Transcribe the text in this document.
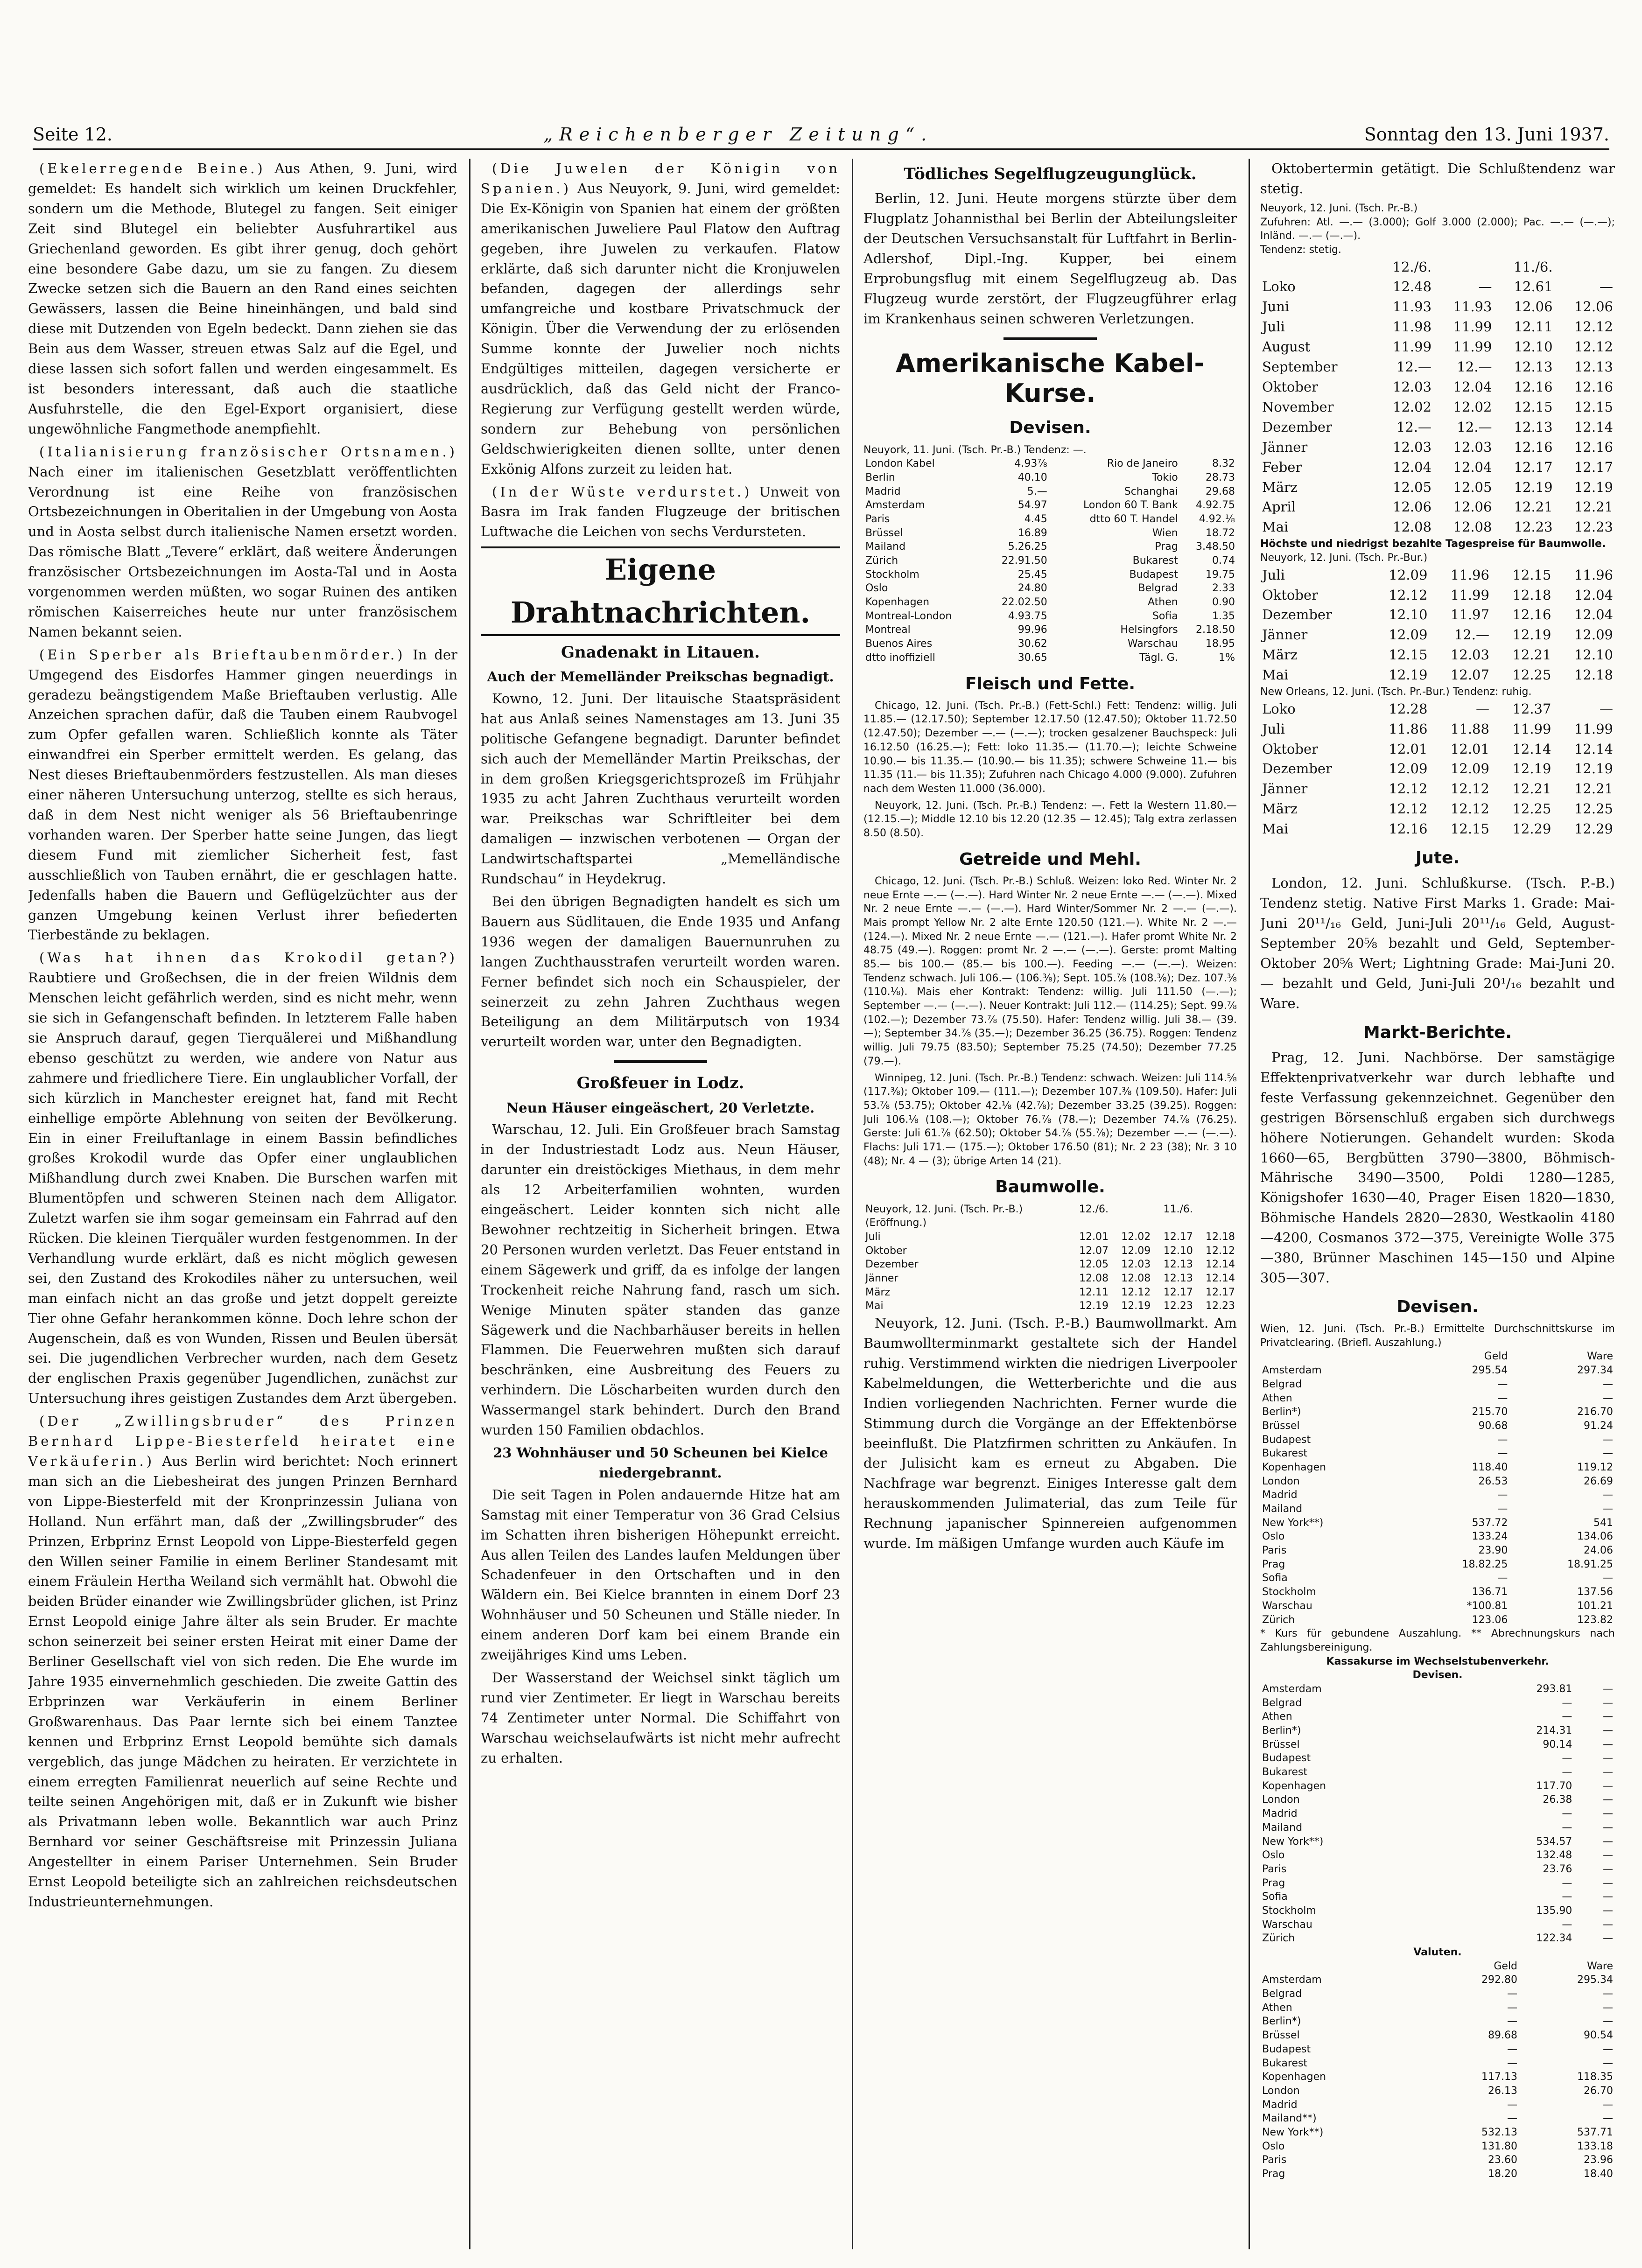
Seite 12.	„Reichenberger Zeitung“.	Sonntag den 13. Juni 1937.

(Ekelerregende Beine.) Aus Athen, 9. Juni, wird gemeldet: Es handelt sich wirklich um keinen Druckfehler, sondern um die Methode, Blutegel zu fangen. Seit einiger Zeit sind Blutegel ein beliebter Ausfuhrartikel aus Griechenland geworden. Es gibt ihrer genug, doch gehört eine besondere Gabe dazu, um sie zu fangen. Zu diesem Zwecke setzen sich die Bauern an den Rand eines seichten Gewässers, lassen die Beine hineinhängen, und bald sind diese mit Dutzenden von Egeln bedeckt. Dann ziehen sie das Bein aus dem Wasser, streuen etwas Salz auf die Egel, und diese lassen sich sofort fallen und werden eingesammelt. Es ist besonders interessant, daß auch die staatliche Ausfuhrstelle, die den Egel-Export organisiert, diese ungewöhnliche Fangmethode anempfiehlt.

(Italianisierung französischer Ortsnamen.) Nach einer im italienischen Gesetzblatt veröffentlichten Verordnung ist eine Reihe von französischen Ortsbezeichnungen in Oberitalien in der Umgebung von Aosta und in Aosta selbst durch italienische Namen ersetzt worden. Das römische Blatt „Tevere“ erklärt, daß weitere Änderungen französischer Ortsbezeichnungen im Aosta-Tal und in Aosta vorgenommen werden müßten, wo sogar Ruinen des antiken römischen Kaiserreiches heute nur unter französischem Namen bekannt seien.

(Ein Sperber als Brieftaubenmörder.) In der Umgegend des Eisdorfes Hammer gingen neuerdings in geradezu beängstigendem Maße Brieftauben verlustig. Alle Anzeichen sprachen dafür, daß die Tauben einem Raubvogel zum Opfer gefallen waren. Schließlich konnte als Täter einwandfrei ein Sperber ermittelt werden. Es gelang, das Nest dieses Brieftaubenmörders festzustellen. Als man dieses einer näheren Untersuchung unterzog, stellte es sich heraus, daß in dem Nest nicht weniger als 56 Brieftaubenringe vorhanden waren. Der Sperber hatte seine Jungen, das liegt diesem Fund mit ziemlicher Sicherheit fest, fast ausschließlich von Tauben ernährt, die er geschlagen hatte. Jedenfalls haben die Bauern und Geflügelzüchter aus der ganzen Umgebung keinen Verlust ihrer befiederten Tierbestände zu beklagen.

(Was hat ihnen das Krokodil getan?) Raubtiere und Großechsen, die in der freien Wildnis dem Menschen leicht gefährlich werden, sind es nicht mehr, wenn sie sich in Gefangenschaft befinden. In letzterem Falle haben sie Anspruch darauf, gegen Tierquälerei und Mißhandlung ebenso geschützt zu werden, wie andere von Natur aus zahmere und friedlichere Tiere. Ein unglaublicher Vorfall, der sich kürzlich in Manchester ereignet hat, fand mit Recht einhellige empörte Ablehnung von seiten der Bevölkerung. Ein in einer Freiluftanlage in einem Bassin befindliches großes Krokodil wurde das Opfer einer unglaublichen Mißhandlung durch zwei Knaben. Die Burschen warfen mit Blumentöpfen und schweren Steinen nach dem Alligator. Zuletzt warfen sie ihm sogar gemeinsam ein Fahrrad auf den Rücken. Die kleinen Tierquäler wurden festgenommen. In der Verhandlung wurde erklärt, daß es nicht möglich gewesen sei, den Zustand des Krokodiles näher zu untersuchen, weil man einfach nicht an das große und jetzt doppelt gereizte Tier ohne Gefahr herankommen könne. Doch lehre schon der Augenschein, daß es von Wunden, Rissen und Beulen übersät sei. Die jugendlichen Verbrecher wurden, nach dem Gesetz der englischen Praxis gegenüber Jugendlichen, zunächst zur Untersuchung ihres geistigen Zustandes dem Arzt übergeben.

(Der „Zwillingsbruder“ des Prinzen Bernhard Lippe-Biesterfeld heiratet eine Verkäuferin.) Aus Berlin wird berichtet: Noch erinnert man sich an die Liebesheirat des jungen Prinzen Bernhard von Lippe-Biesterfeld mit der Kronprinzessin Juliana von Holland. Nun erfährt man, daß der „Zwillingsbruder“ des Prinzen, Erbprinz Ernst Leopold von Lippe-Biesterfeld gegen den Willen seiner Familie in einem Berliner Standesamt mit einem Fräulein Hertha Weiland sich vermählt hat. Obwohl die beiden Brüder einander wie Zwillingsbrüder glichen, ist Prinz Ernst Leopold einige Jahre älter als sein Bruder. Er machte schon seinerzeit bei seiner ersten Heirat mit einer Dame der Berliner Gesellschaft viel von sich reden. Die Ehe wurde im Jahre 1935 einvernehmlich geschieden. Die zweite Gattin des Erbprinzen war Verkäuferin in einem Berliner Großwarenhaus. Das Paar lernte sich bei einem Tanztee kennen und Erbprinz Ernst Leopold bemühte sich damals vergeblich, das junge Mädchen zu heiraten. Er verzichtete in einem erregten Familienrat neuerlich auf seine Rechte und teilte seinen Angehörigen mit, daß er in Zukunft wie bisher als Privatmann leben wolle. Bekanntlich war auch Prinz Bernhard vor seiner Geschäftsreise mit Prinzessin Juliana Angestellter in einem Pariser Unternehmen. Sein Bruder Ernst Leopold beteiligte sich an zahlreichen reichsdeutschen Industrieunternehmungen.

(Die Juwelen der Königin von Spanien.) Aus Neuyork, 9. Juni, wird gemeldet: Die Ex-Königin von Spanien hat einem der größten amerikanischen Juweliere Paul Flatow den Auftrag gegeben, ihre Juwelen zu verkaufen. Flatow erklärte, daß sich darunter nicht die Kronjuwelen befanden, dagegen der allerdings sehr umfangreiche und kostbare Privatschmuck der Königin. Über die Verwendung der zu erlösenden Summe konnte der Juwelier noch nichts Endgültiges mitteilen, dagegen versicherte er ausdrücklich, daß das Geld nicht der Franco-Regierung zur Verfügung gestellt werden würde, sondern zur Behebung von persönlichen Geldschwierigkeiten dienen sollte, unter denen Exkönig Alfons zurzeit zu leiden hat.

(In der Wüste verdurstet.) Unweit von Basra im Irak fanden Flugzeuge der britischen Luftwache die Leichen von sechs Verdursteten.

Eigene Drahtnachrichten.
Gnadenakt in Litauen.
Auch der Memelländer Preikschas begnadigt.

Kowno, 12. Juni. Der litauische Staatspräsident hat aus Anlaß seines Namenstages am 13. Juni 35 politische Gefangene begnadigt. Darunter befindet sich auch der Memelländer Martin Preikschas, der in dem großen Kriegsgerichtsprozeß im Frühjahr 1935 zu acht Jahren Zuchthaus verurteilt worden war. Preikschas war Schriftleiter bei dem damaligen — inzwischen verbotenen — Organ der Landwirtschaftspartei „Memelländische Rundschau“ in Heydekrug.

Bei den übrigen Begnadigten handelt es sich um Bauern aus Südlitauen, die Ende 1935 und Anfang 1936 wegen der damaligen Bauernunruhen zu langen Zuchthausstrafen verurteilt worden waren. Ferner befindet sich noch ein Schauspieler, der seinerzeit zu zehn Jahren Zuchthaus wegen Beteiligung an dem Militärputsch von 1934 verurteilt worden war, unter den Begnadigten.

Großfeuer in Lodz.
Neun Häuser eingeäschert, 20 Verletzte.

Warschau, 12. Juli. Ein Großfeuer brach Samstag in der Industriestadt Lodz aus. Neun Häuser, darunter ein dreistöckiges Miethaus, in dem mehr als 12 Arbeiterfamilien wohnten, wurden eingeäschert. Leider konnten sich nicht alle Bewohner rechtzeitig in Sicherheit bringen. Etwa 20 Personen wurden verletzt. Das Feuer entstand in einem Sägewerk und griff, da es infolge der langen Trockenheit reiche Nahrung fand, rasch um sich. Wenige Minuten später standen das ganze Sägewerk und die Nachbarhäuser bereits in hellen Flammen. Die Feuerwehren mußten sich darauf beschränken, eine Ausbreitung des Feuers zu verhindern. Die Löscharbeiten wurden durch den Wassermangel stark behindert. Durch den Brand wurden 150 Familien obdachlos.

23 Wohnhäuser und 50 Scheunen bei Kielce niedergebrannt.

Die seit Tagen in Polen andauernde Hitze hat am Samstag mit einer Temperatur von 36 Grad Celsius im Schatten ihren bisherigen Höhepunkt erreicht. Aus allen Teilen des Landes laufen Meldungen über Schadenfeuer in den Ortschaften und in den Wäldern ein. Bei Kielce brannten in einem Dorf 23 Wohnhäuser und 50 Scheunen und Ställe nieder. In einem anderen Dorf kam bei einem Brande ein zweijähriges Kind ums Leben.

Der Wasserstand der Weichsel sinkt täglich um rund vier Zentimeter. Er liegt in Warschau bereits 74 Zentimeter unter Normal. Die Schiffahrt von Warschau weichselaufwärts ist nicht mehr aufrecht zu erhalten.

Tödliches Segelflugzeugunglück.

Berlin, 12. Juni. Heute morgens stürzte über dem Flugplatz Johannisthal bei Berlin der Abteilungsleiter der Deutschen Versuchsanstalt für Luftfahrt in Berlin-Adlershof, Dipl.-Ing. Kupper, bei einem Erprobungsflug mit einem Segelflugzeug ab. Das Flugzeug wurde zerstört, der Flugzeugführer erlag im Krankenhaus seinen schweren Verletzungen.

Amerikanische Kabel-Kurse.
Devisen.
Neuyork, 11. Juni. (Tsch. Pr.-B.) Tendenz: —.
London Kabel	4.93⅞	Rio de Janeiro	8.32
Berlin	40.10	Tokio	28.73
Madrid	5.—	Schanghai	29.68
Amsterdam	54.97	London 60 T. Bank	4.92.75
Paris	4.45	dtto 60 T. Handel	4.92.⅛
Brüssel	16.89	Wien	18.72
Mailand	5.26.25	Prag	3.48.50
Zürich	22.91.50	Bukarest	0.74
Stockholm	25.45	Budapest	19.75
Oslo	24.80	Belgrad	2.33
Kopenhagen	22.02.50	Athen	0.90
Montreal-London	4.93.75	Sofia	1.35
Montreal	99.96	Helsingfors	2.18.50
Buenos Aires	30.62	Warschau	18.95
dtto inoffiziell	30.65	Tägl. G.	1%
Fleisch und Fette.

Chicago, 12. Juni. (Tsch. Pr.-B.) (Fett-Schl.) Fett: Tendenz: willig. Juli 11.85.— (12.17.50); September 12.17.50 (12.47.50); Oktober 11.72.50 (12.47.50); Dezember —.— (—.—); trocken gesalzener Bauchspeck: Juli 16.12.50 (16.25.—); Fett: loko 11.35.— (11.70.—); leichte Schweine 10.90.— bis 11.35.— (10.90.— bis 11.35); schwere Schweine 11.— bis 11.35 (11.— bis 11.35); Zufuhren nach Chicago 4.000 (9.000). Zufuhren nach dem Westen 11.000 (36.000).

Neuyork, 12. Juni. (Tsch. Pr.-B.) Tendenz: —. Fett la Western 11.80.— (12.15.—); Middle 12.10 bis 12.20 (12.35 — 12.45); Talg extra zerlassen 8.50 (8.50).

Getreide und Mehl.

Chicago, 12. Juni. (Tsch. Pr.-B.) Schluß. Weizen: loko Red. Winter Nr. 2 neue Ernte —.— (—.—). Hard Winter Nr. 2 neue Ernte —.— (—.—). Mixed Nr. 2 neue Ernte —.— (—.—). Hard Winter/Sommer Nr. 2 —.— (—.—). Mais prompt Yellow Nr. 2 alte Ernte 120.50 (121.—). White Nr. 2 —.— (124.—). Mixed Nr. 2 neue Ernte —.— (121.—). Hafer promt White Nr. 2 48.75 (49.—). Roggen: promt Nr. 2 —.— (—.—). Gerste: promt Malting 85.— bis 100.— (85.— bis 100.—). Feeding —.— (—.—). Weizen: Tendenz schwach. Juli 106.— (106.⅜); Sept. 105.⅞ (108.⅜); Dez. 107.⅜ (110.⅛). Mais eher Kontrakt: Tendenz: willig. Juli 111.50 (—.—); September —.— (—.—). Neuer Kontrakt: Juli 112.— (114.25); Sept. 99.⅞ (102.—); Dezember 73.⅞ (75.50). Hafer: Tendenz willig. Juli 38.— (39.—); September 34.⅞ (35.—); Dezember 36.25 (36.75). Roggen: Tendenz willig. Juli 79.75 (83.50); September 75.25 (74.50); Dezember 77.25 (79.—).

Winnipeg, 12. Juni. (Tsch. Pr.-B.) Tendenz: schwach. Weizen: Juli 114.⅝ (117.⅜); Oktober 109.— (111.—); Dezember 107.⅜ (109.50). Hafer: Juli 53.⅞ (53.75); Oktober 42.⅛ (42.⅞); Dezember 33.25 (39.25). Roggen: Juli 106.⅛ (108.—); Oktober 76.⅞ (78.—); Dezember 74.⅞ (76.25). Gerste: Juli 61.⅞ (62.50); Oktober 54.⅞ (55.⅞); Dezember —.— (—.—). Flachs: Juli 171.— (175.—); Oktober 176.50 (81); Nr. 2 23 (38); Nr. 3 10 (48); Nr. 4 — (3); übrige Arten 14 (21).

Baumwolle.
Neuyork, 12. Juni. (Tsch. Pr.-B.)	12./6.		11./6.	
(Eröffnung.)				
Juli	12.01	12.02	12.17	12.18
Oktober	12.07	12.09	12.10	12.12
Dezember	12.05	12.03	12.13	12.14
Jänner	12.08	12.08	12.13	12.14
März	12.11	12.12	12.17	12.17
Mai	12.19	12.19	12.23	12.23

Neuyork, 12. Juni. (Tsch. P.-B.) Baumwollmarkt. Am Baumwollterminmarkt gestaltete sich der Handel ruhig. Verstimmend wirkten die niedrigen Liverpooler Kabelmeldungen, die Wetterberichte und die aus Indien vorliegenden Nachrichten. Ferner wurde die Stimmung durch die Vorgänge an der Effektenbörse beeinflußt. Die Platzfirmen schritten zu Ankäufen. In der Julisicht kam es erneut zu Abgaben. Die Nachfrage war begrenzt. Einiges Interesse galt dem herauskommenden Julimaterial, das zum Teile für Rechnung japanischer Spinnereien aufgenommen wurde. Im mäßigen Umfange wurden auch Käufe im

Oktobertermin getätigt. Die Schlußtendenz war stetig.

Neuyork, 12. Juni. (Tsch. Pr.-B.)
Zufuhren: Atl. —.— (3.000); Golf 3.000 (2.000); Pac. —.— (—.—); Inländ. —.— (—.—).
Tendenz: stetig.
	12./6.		11./6.	
Loko	12.48	—	12.61	—
Juni	11.93	11.93	12.06	12.06
Juli	11.98	11.99	12.11	12.12
August	11.99	11.99	12.10	12.12
September	12.—	12.—	12.13	12.13
Oktober	12.03	12.04	12.16	12.16
November	12.02	12.02	12.15	12.15
Dezember	12.—	12.—	12.13	12.14
Jänner	12.03	12.03	12.16	12.16
Feber	12.04	12.04	12.17	12.17
März	12.05	12.05	12.19	12.19
April	12.06	12.06	12.21	12.21
Mai	12.08	12.08	12.23	12.23
Höchste und niedrigst bezahlte Tagespreise für Baumwolle.
Neuyork, 12. Juni. (Tsch. Pr.-Bur.)
Juli	12.09	11.96	12.15	11.96
Oktober	12.12	11.99	12.18	12.04
Dezember	12.10	11.97	12.16	12.04
Jänner	12.09	12.—	12.19	12.09
März	12.15	12.03	12.21	12.10
Mai	12.19	12.07	12.25	12.18
New Orleans, 12. Juni. (Tsch. Pr.-Bur.) Tendenz: ruhig.
Loko	12.28	—	12.37	—
Juli	11.86	11.88	11.99	11.99
Oktober	12.01	12.01	12.14	12.14
Dezember	12.09	12.09	12.19	12.19
Jänner	12.12	12.12	12.21	12.21
März	12.12	12.12	12.25	12.25
Mai	12.16	12.15	12.29	12.29
Jute.

London, 12. Juni. Schlußkurse. (Tsch. P.-B.) Tendenz stetig. Native First Marks 1. Grade: Mai-Juni 20¹¹/₁₆ Geld, Juni-Juli 20¹¹/₁₆ Geld, August-September 20⅝ bezahlt und Geld, September-Oktober 20⅝ Wert; Lightning Grade: Mai-Juni 20.— bezahlt und Geld, Juni-Juli 20¹/₁₆ bezahlt und Ware.

Markt-Berichte.

Prag, 12. Juni. Nachbörse. Der samstägige Effektenprivatverkehr war durch lebhafte und feste Verfassung gekennzeichnet. Gegenüber den gestrigen Börsenschluß ergaben sich durchwegs höhere Notierungen. Gehandelt wurden: Skoda 1660—65, Bergbütten 3790—3800, Böhmisch-Mährische 3490—3500, Poldi 1280—1285, Königshofer 1630—40, Prager Eisen 1820—1830, Böhmische Handels 2820—2830, Westkaolin 4180—4200, Cosmanos 372—375, Vereinigte Wolle 375—380, Brünner Maschinen 145—150 und Alpine 305—307.

Devisen.
Wien, 12. Juni. (Tsch. Pr.-B.) Ermittelte Durchschnittskurse im Privatclearing. (Briefl. Auszahlung.)
	Geld	Ware
Amsterdam	295.54	297.34
Belgrad	—	—
Athen	—	—
Berlin*)	215.70	216.70
Brüssel	90.68	91.24
Budapest	—	—
Bukarest	—	—
Kopenhagen	118.40	119.12
London	26.53	26.69
Madrid	—	—
Mailand	—	—
New York**)	537.72	541
Oslo	133.24	134.06
Paris	23.90	24.06
Prag	18.82.25	18.91.25
Sofia	—	—
Stockholm	136.71	137.56
Warschau	*100.81	101.21
Zürich	123.06	123.82
* Kurs für gebundene Auszahlung. ** Abrechnungskurs nach Zahlungsbereinigung.
Kassakurse im Wechselstubenverkehr.
Devisen.
Amsterdam	293.81	—
Belgrad	—	—
Athen	—	—
Berlin*)	214.31	—
Brüssel	90.14	—
Budapest	—	—
Bukarest	—	—
Kopenhagen	117.70	—
London	26.38	—
Madrid	—	—
Mailand	—	—
New York**)	534.57	—
Oslo	132.48	—
Paris	23.76	—
Prag	—	—
Sofia	—	—
Stockholm	135.90	—
Warschau	—	—
Zürich	122.34	—
Valuten.
	Geld	Ware
Amsterdam	292.80	295.34
Belgrad	—	—
Athen	—	—
Berlin*)	—	—
Brüssel	89.68	90.54
Budapest	—	—
Bukarest	—	—
Kopenhagen	117.13	118.35
London	26.13	26.70
Madrid	—	—
Mailand**)	—	—
New York**)	532.13	537.71
Oslo	131.80	133.18
Paris	23.60	23.96
Prag	18.20	18.40
